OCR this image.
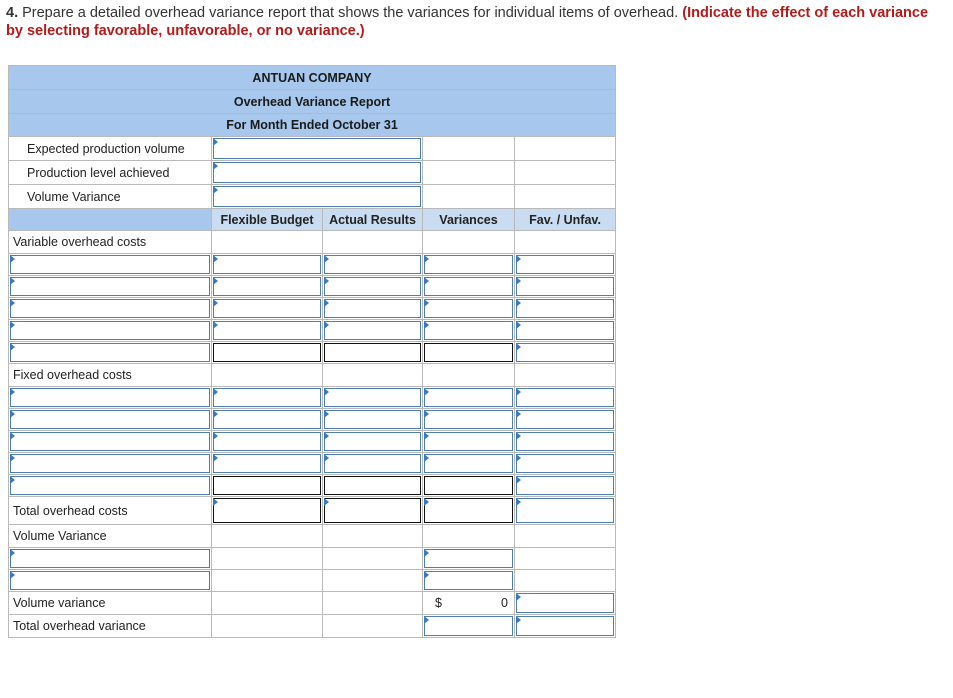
4. Prepare a detailed overhead variance report that shows the variances for individual items of overhead. (Indicate the effect of each variance by selecting favorable, unfavorable, or no variance.)
ANTUAN COMPANY				
Overhead Variance Report				
For Month Ended October 31				
Expected production volume		

Production level achieved		

Volume Variance		

	Flexible Budget	Actual Results	Variances	Fav. / Unfav.
Variable overhead costs				

Fixed overhead costs				

Total overhead costs	

Volume Variance				

Volume variance			$ 0	

Total overhead variance			
